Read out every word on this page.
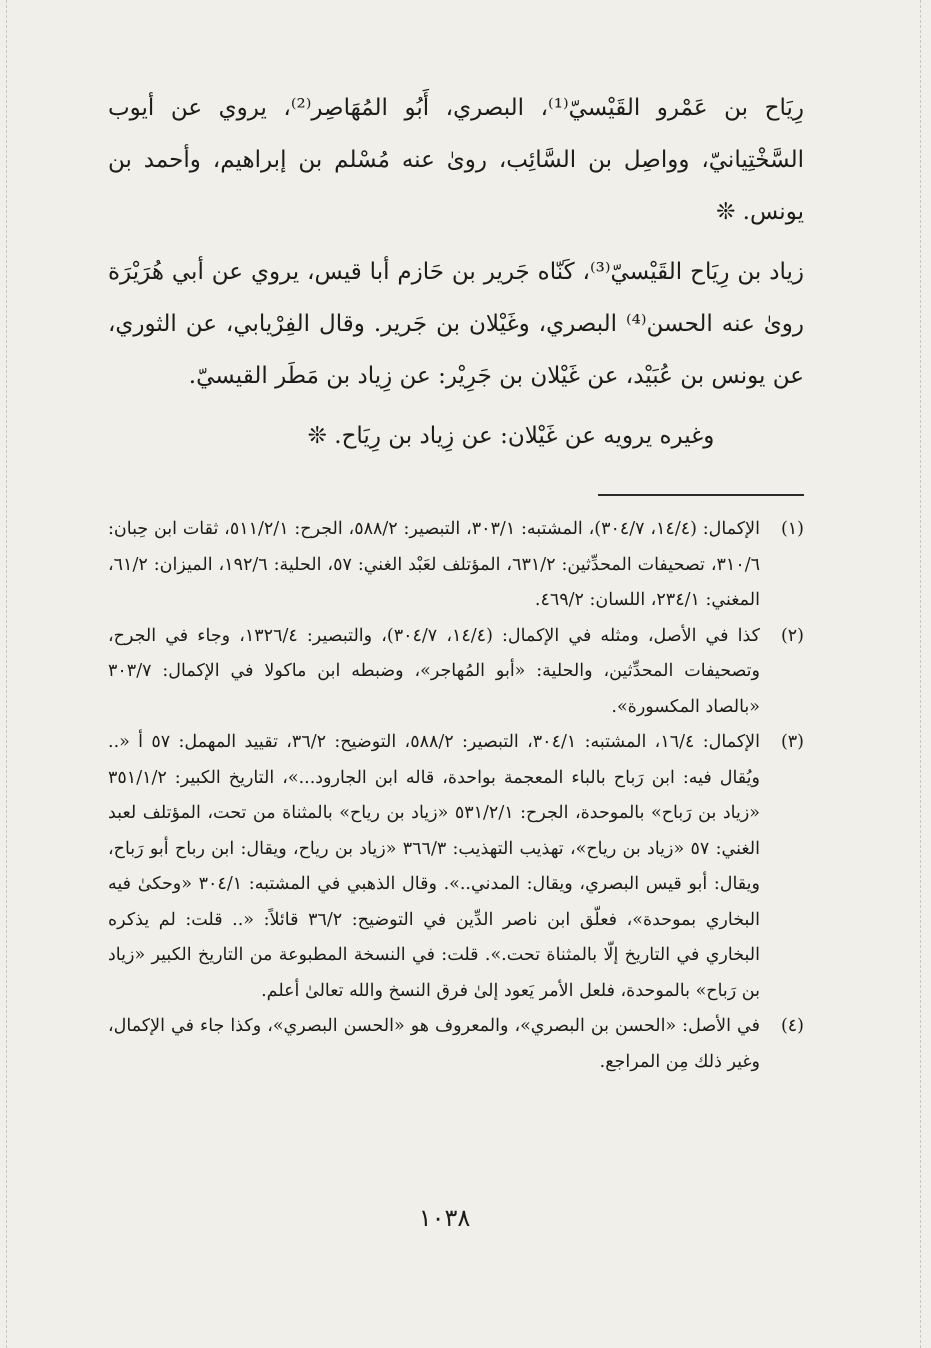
رِيَاح بن عَمْرو القَيْسيّ⁽¹⁾، البصري، أَبُو المُهَاصِر⁽²⁾، يروي عن أيوب السَّخْتِيانيّ، وواصِل بن السَّائِب، روىٰ عنه مُسْلم بن إبراهيم، وأحمد بن يونس. ❊

زياد بن رِيَاح القَيْسيّ⁽³⁾، كَنّاه جَرير بن حَازم أبا قيس، يروي عن أبي هُرَيْرَة روىٰ عنه الحسن⁽⁴⁾ البصري، وغَيْلان بن جَرير. وقال الفِرْيابي، عن الثوري، عن يونس بن عُبَيْد، عن غَيْلان بن جَرِيْر: عن زِياد بن مَطَر القيسيّ.

وغيره يرويه عن غَيْلان: عن زِياد بن رِيَاح. ❊

(١)
الإكمال: (١٤/٤، ٣٠٤/٧)، المشتبه: ٣٠٣/١، التبصير: ٥٨٨/٢، الجرح: ٥١١/٢/١، ثقات ابن حِبان: ٣١٠/٦، تصحيفات المحدِّثين: ٦٣١/٢، المؤتلف لعَبْد الغني: ٥٧، الحلية: ١٩٢/٦، الميزان: ٦١/٢، المغني: ٢٣٤/١، اللسان: ٤٦٩/٢.
(٢)
كذا في الأصل، ومثله في الإكمال: (١٤/٤، ٣٠٤/٧)، والتبصير: ١٣٢٦/٤، وجاء في الجرح، وتصحيفات المحدِّثين، والحلية: «أبو المُهاجر»، وضبطه ابن ماكولا في الإكمال: ٣٠٣/٧ «بالصاد المكسورة».
(٣)
الإكمال: ١٦/٤، المشتبه: ٣٠٤/١، التبصير: ٥٨٨/٢، التوضيح: ٣٦/٢، تقييد المهمل: ٥٧ أ «.. ويُقال فيه: ابن رَباح بالباء المعجمة بواحدة، قاله ابن الجارود...»، التاريخ الكبير: ٣٥١/١/٢ «زياد بن رَباح» بالموحدة، الجرح: ٥٣١/٢/١ «زياد بن رياح» بالمثناة من تحت، المؤتلف لعبد الغني: ٥٧ «زياد بن رياح»، تهذيب التهذيب: ٣٦٦/٣ «زياد بن رياح، ويقال: ابن رباح أبو رَباح، ويقال: أبو قيس البصري، ويقال: المدني..». وقال الذهبي في المشتبه: ٣٠٤/١ «وحكىٰ فيه البخاري بموحدة»، فعلّق ابن ناصر الدِّين في التوضيح: ٣٦/٢ قائلاً: «.. قلت: لم يذكره البخاري في التاريخ إلّا بالمثناة تحت.». قلت: في النسخة المطبوعة من التاريخ الكبير «زياد بن رَباح» بالموحدة، فلعل الأمر يَعود إلىٰ فرق النسخ والله تعالىٰ أعلم.
(٤)
في الأصل: «الحسن بن البصري»، والمعروف هو «الحسن البصري»، وكذا جاء في الإكمال، وغير ذلك مِن المراجع.
١٠٣٨
